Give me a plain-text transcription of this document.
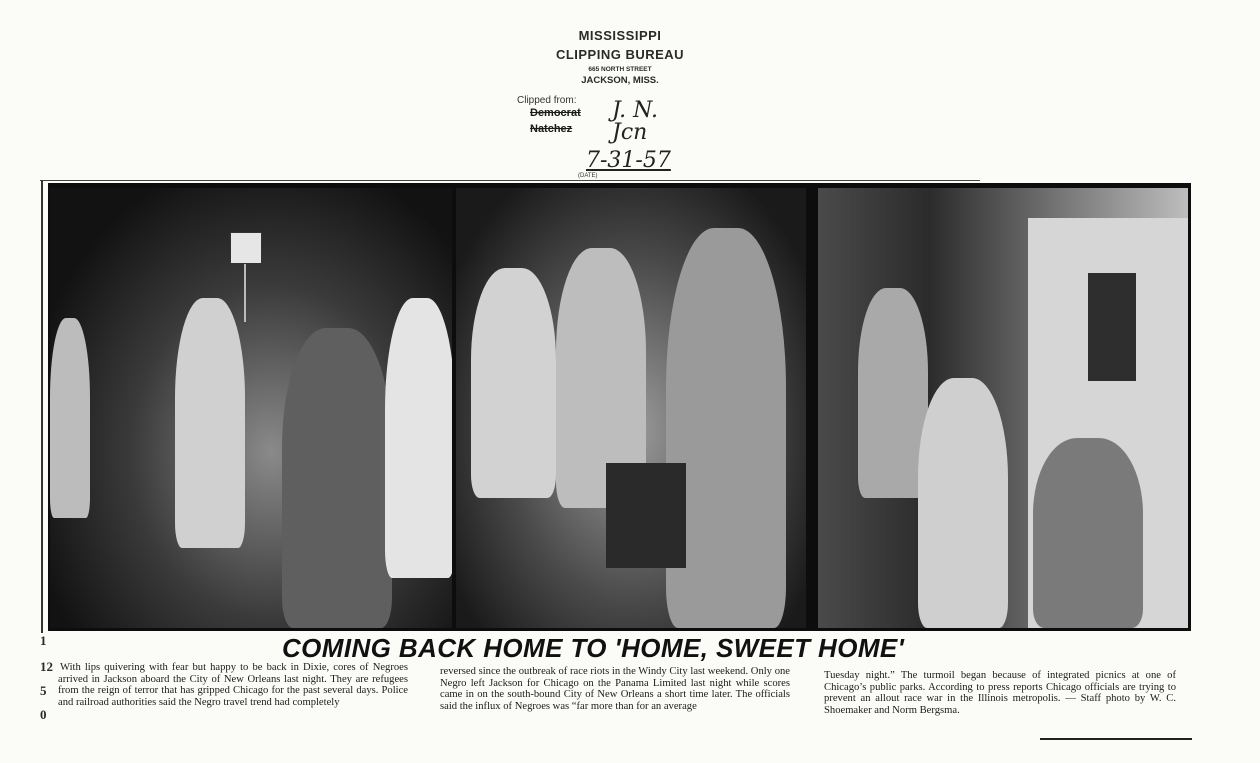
MISSISSIPPI
CLIPPING BUREAU
665 NORTH STREET
JACKSON, MISS.
Clipped from:
Democrat
Natchez
J. N.
Jcn
7-31-57
(DATE)
1
12
5
0
COMING BACK HOME TO 'HOME, SWEET HOME'

With lips quivering with fear but happy to be back in Dixie, cores of Negroes arrived in Jackson aboard the City of New Orleans last night. They are refugees from the reign of terror that has gripped Chicago for the past several days. Police and railroad authorities said the Negro travel trend had completely

reversed since the outbreak of race riots in the Windy City last weekend. Only one Negro left Jackson for Chicago on the Panama Limited last night while scores came in on the south-bound City of New Orleans a short time later. The officials said the influx of Negroes was “far more than for an average

Tuesday night.” The turmoil began because of integrated picnics at one of Chicago’s public parks. According to press reports Chicago officials are trying to prevent an allout race war in the Illinois metropolis. — Staff photo by W. C. Shoemaker and Norm Bergsma.
